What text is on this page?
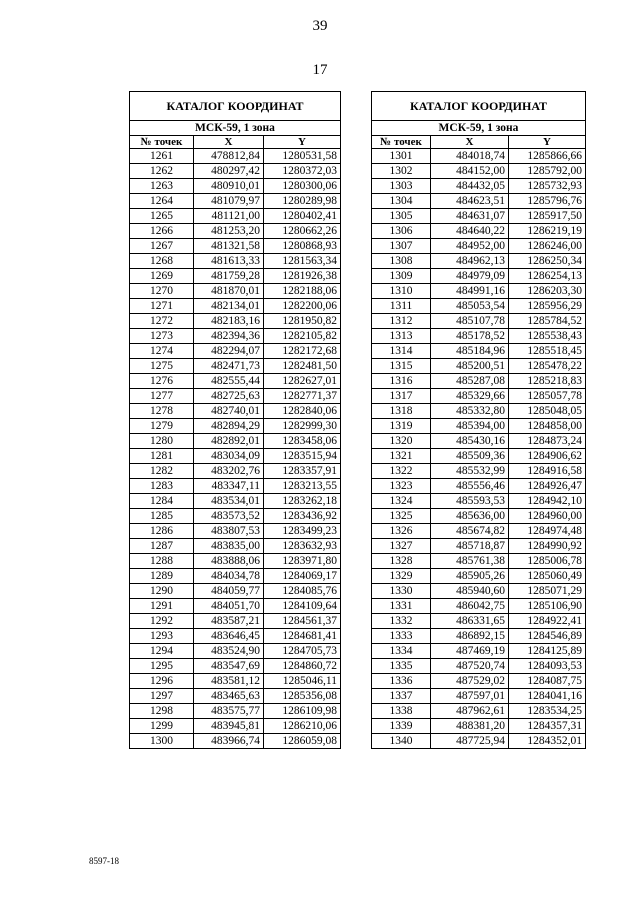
39
17
КАТАЛОГ КООРДИНАТ		
МСК-59, 1 зона		
№ точек	X	Y
1261	478812,84	1280531,58
1262	480297,42	1280372,03
1263	480910,01	1280300,06
1264	481079,97	1280289,98
1265	481121,00	1280402,41
1266	481253,20	1280662,26
1267	481321,58	1280868,93
1268	481613,33	1281563,34
1269	481759,28	1281926,38
1270	481870,01	1282188,06
1271	482134,01	1282200,06
1272	482183,16	1281950,82
1273	482394,36	1282105,82
1274	482294,07	1282172,68
1275	482471,73	1282481,50
1276	482555,44	1282627,01
1277	482725,63	1282771,37
1278	482740,01	1282840,06
1279	482894,29	1282999,30
1280	482892,01	1283458,06
1281	483034,09	1283515,94
1282	483202,76	1283357,91
1283	483347,11	1283213,55
1284	483534,01	1283262,18
1285	483573,52	1283436,92
1286	483807,53	1283499,23
1287	483835,00	1283632,93
1288	483888,06	1283971,80
1289	484034,78	1284069,17
1290	484059,77	1284085,76
1291	484051,70	1284109,64
1292	483587,21	1284561,37
1293	483646,45	1284681,41
1294	483524,90	1284705,73
1295	483547,69	1284860,72
1296	483581,12	1285046,11
1297	483465,63	1285356,08
1298	483575,77	1286109,98
1299	483945,81	1286210,06
1300	483966,74	1286059,08
КАТАЛОГ КООРДИНАТ		
МСК-59, 1 зона		
№ точек	X	Y
1301	484018,74	1285866,66
1302	484152,00	1285792,00
1303	484432,05	1285732,93
1304	484623,51	1285796,76
1305	484631,07	1285917,50
1306	484640,22	1286219,19
1307	484952,00	1286246,00
1308	484962,13	1286250,34
1309	484979,09	1286254,13
1310	484991,16	1286203,30
1311	485053,54	1285956,29
1312	485107,78	1285784,52
1313	485178,52	1285538,43
1314	485184,96	1285518,45
1315	485200,51	1285478,22
1316	485287,08	1285218,83
1317	485329,66	1285057,78
1318	485332,80	1285048,05
1319	485394,00	1284858,00
1320	485430,16	1284873,24
1321	485509,36	1284906,62
1322	485532,99	1284916,58
1323	485556,46	1284926,47
1324	485593,53	1284942,10
1325	485636,00	1284960,00
1326	485674,82	1284974,48
1327	485718,87	1284990,92
1328	485761,38	1285006,78
1329	485905,26	1285060,49
1330	485940,60	1285071,29
1331	486042,75	1285106,90
1332	486331,65	1284922,41
1333	486892,15	1284546,89
1334	487469,19	1284125,89
1335	487520,74	1284093,53
1336	487529,02	1284087,75
1337	487597,01	1284041,16
1338	487962,61	1283534,25
1339	488381,20	1284357,31
1340	487725,94	1284352,01
8597-18
